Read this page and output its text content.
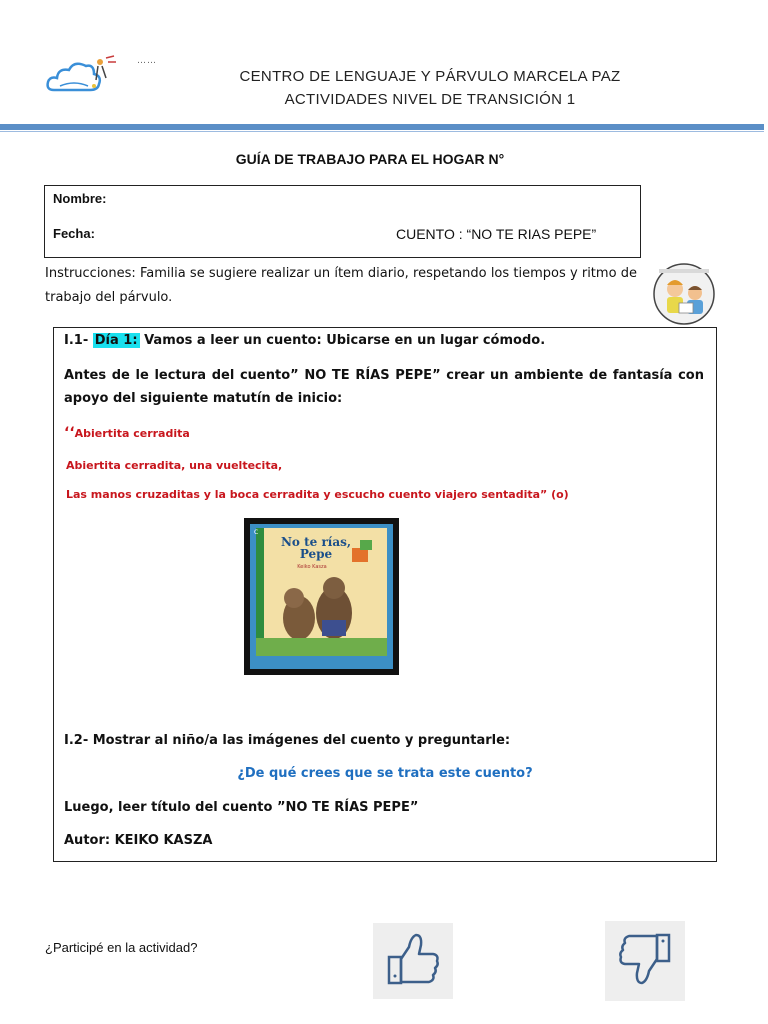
……
CENTRO DE LENGUAJE Y PÁRVULO MARCELA PAZ
ACTIVIDADES NIVEL DE TRANSICIÓN 1
GUÍA DE TRABAJO PARA EL HOGAR N°
Nombre:
Fecha:	CUENTO : “NO TE RIAS PEPE”
Instrucciones: Familia se sugiere realizar un ítem diario, respetando los tiempos y ritmo de trabajo del párvulo.
I.1- Día 1: Vamos a leer un cuento: Ubicarse en un lugar cómodo.
Antes de le lectura del cuento” NO TE RÍAS PEPE” crear un ambiente de fantasía con apoyo del siguiente matutín de inicio:
‘‘Abiertita cerradita
Abiertita cerradita, una vueltecita,
Las manos cruzaditas y la boca cerradita y escucho cuento viajero sentadita” (o)
No te rías,
Pepe
Keiko Kasza
C
I.2- Mostrar al niño/a las imágenes del cuento y preguntarle:
¿De qué crees que se trata este cuento?
Luego, leer título del cuento ”NO TE RÍAS PEPE”
Autor: KEIKO KASZA
¿Participé en la actividad?
